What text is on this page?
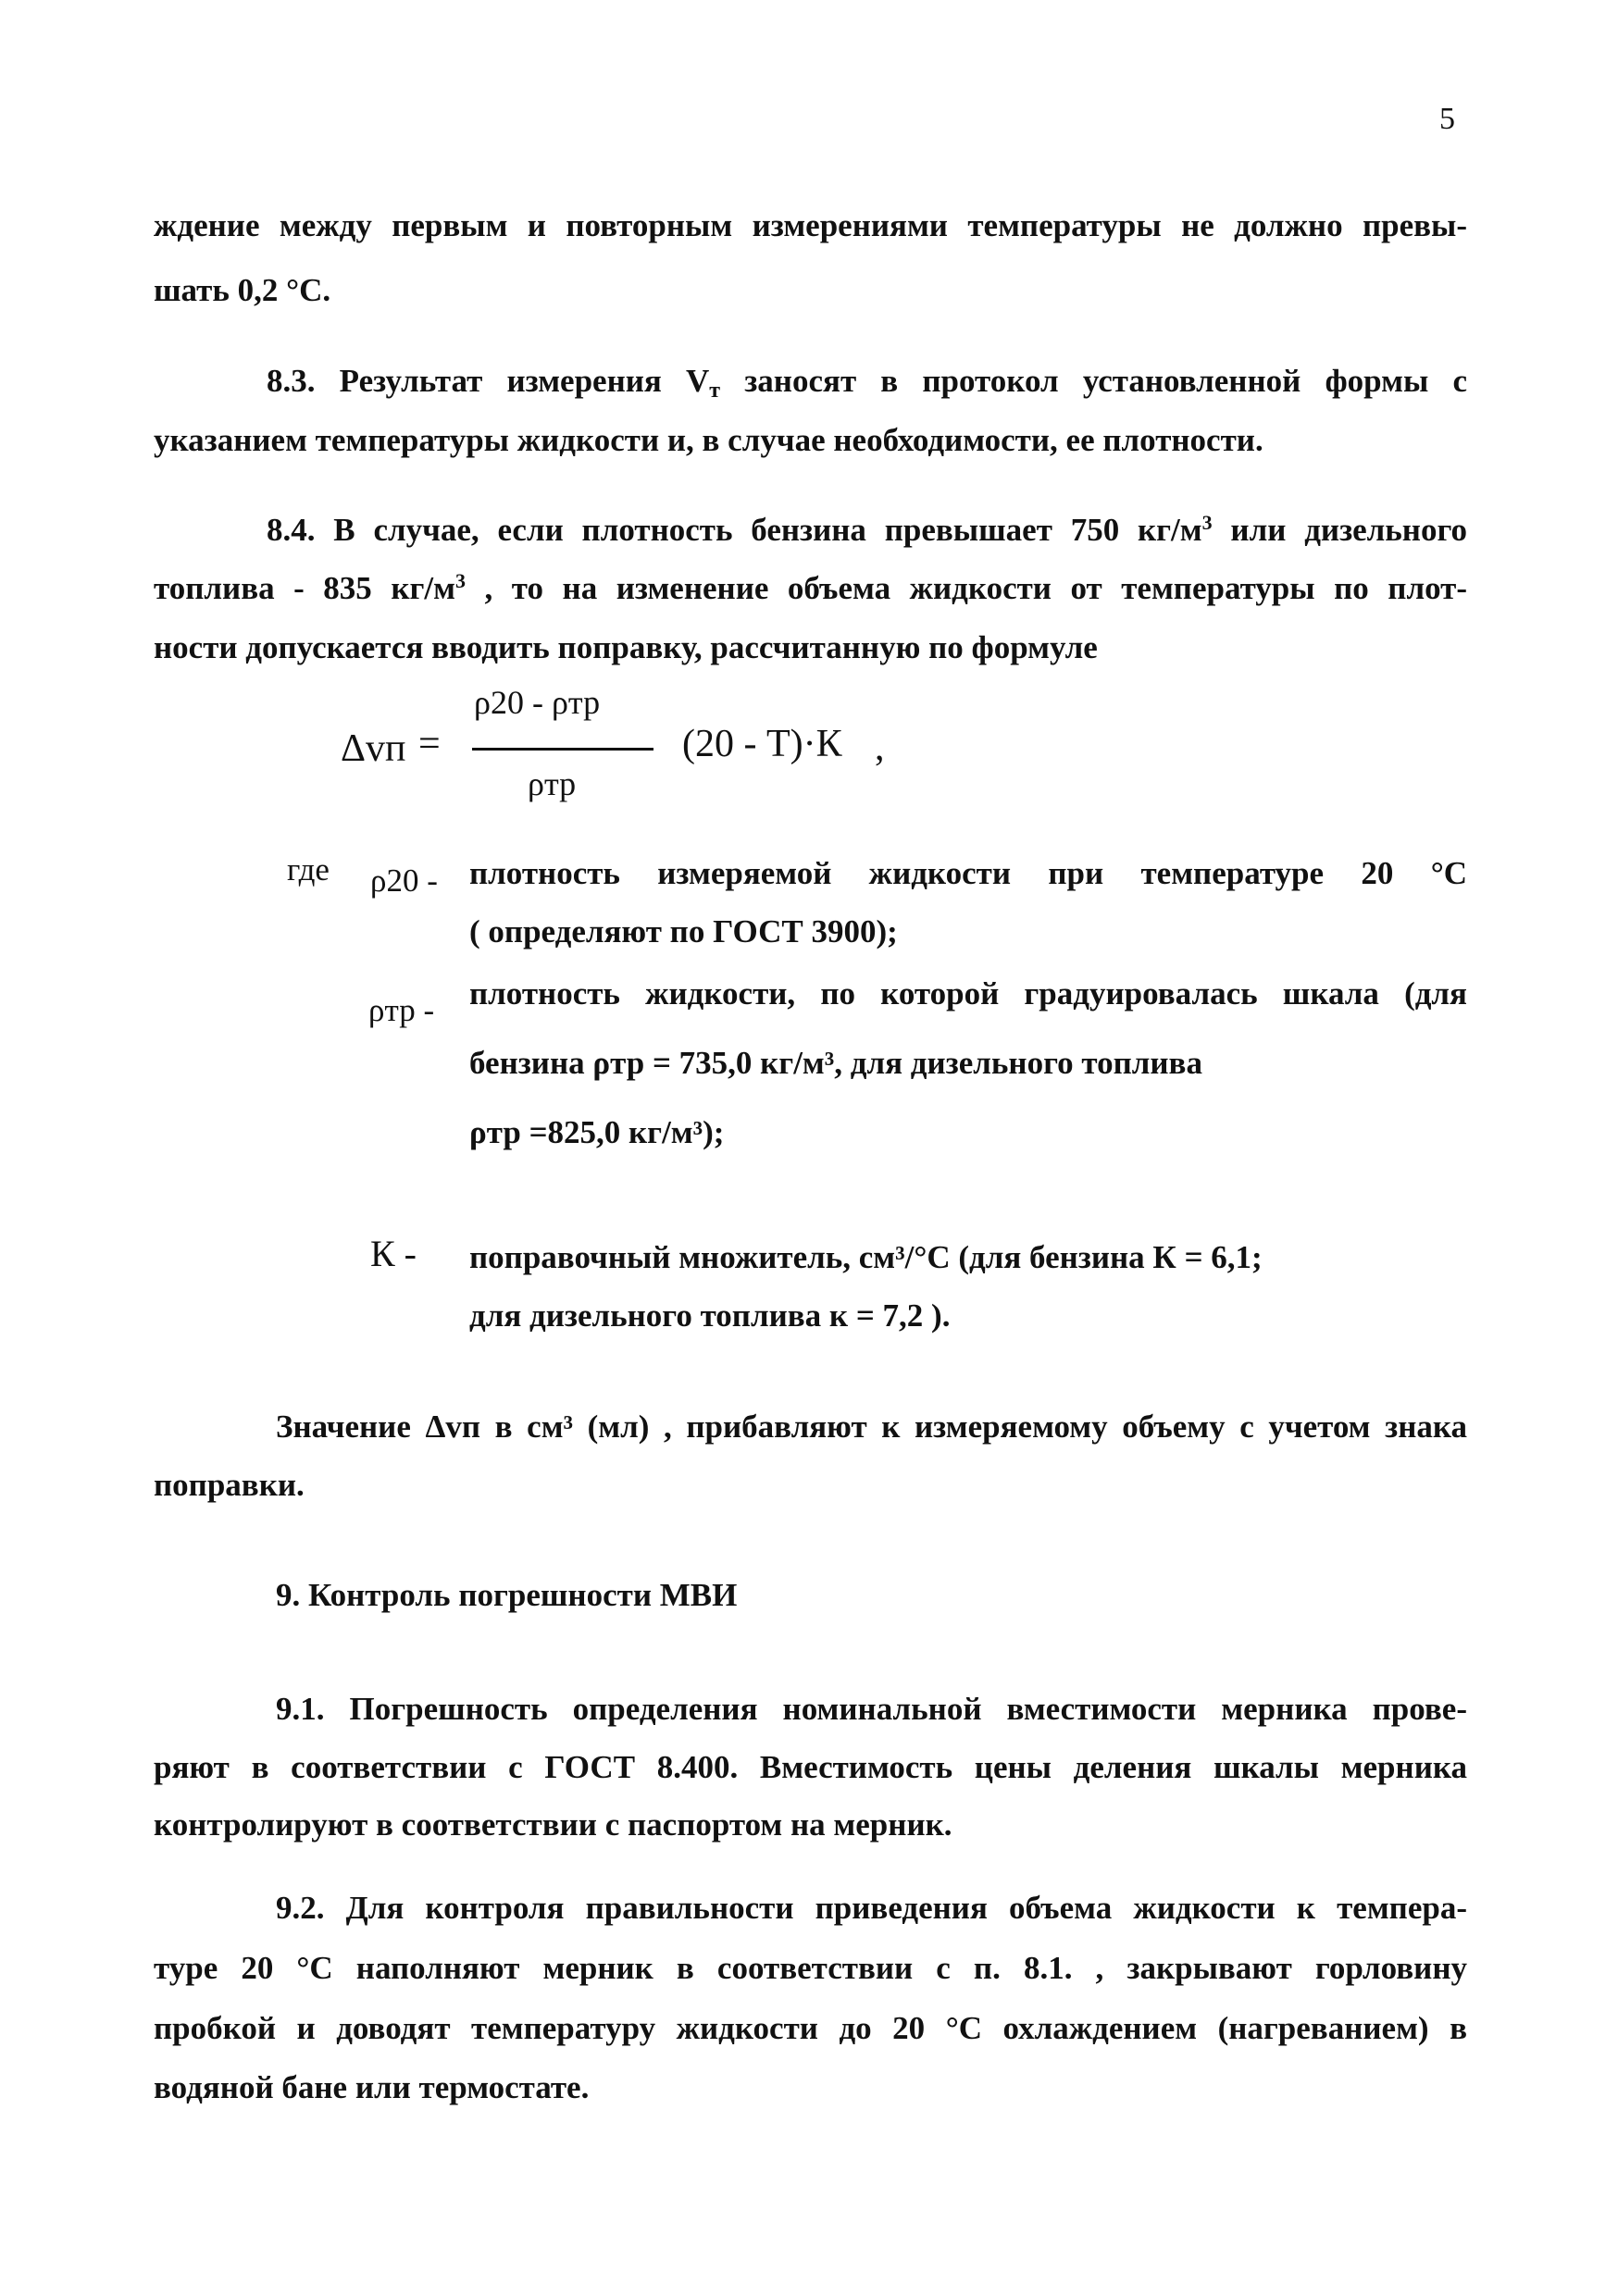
5
ждение между первым и повторным измерениями температуры не должно превы-
шать 0,2 °С.
8.3. Результат измерения $V_т$ заносят в протокол установленной формы с
указанием температуры жидкости и, в случае необходимости, ее плотности.
8.4. В случае, если плотность бензина превышает 750 $кг/м^3$ или дизельного
топлива - 835 $кг/м^3$ , то на изменение объема жидкости от температуры по плот-
ности допускается вводить поправку, рассчитанную по формуле
Δvп =
ρ20 - ρтр
ρтр
(20 - Т)·К ,
где ρ20 - плотность измеряемой жидкости при температуре 20 °С
( определяют по ГОСТ 3900);
ρтр - плотность жидкости, по которой градуировалась шкала (для
бензина ρтр = 735,0 кг/м³, для дизельного топлива
ρтр =825,0 кг/м³);
К - поправочный множитель, см³/°С (для бензина К = 6,1;
для дизельного топлива к = 7,2 ).
Значение Δvп в см³ (мл) , прибавляют к измеряемому объему с учетом знака
поправки.
9. Контроль погрешности МВИ
9.1. Погрешность определения номинальной вместимости мерника прове-
ряют в соответствии с ГОСТ 8.400. Вместимость цены деления шкалы мерника
контролируют в соответствии с паспортом на мерник.
9.2. Для контроля правильности приведения объема жидкости к темпера-
туре 20 °С наполняют мерник в соответствии с п. 8.1. , закрывают горловину
пробкой и доводят температуру жидкости до 20 °С охлаждением (нагреванием) в
водяной бане или термостате.
